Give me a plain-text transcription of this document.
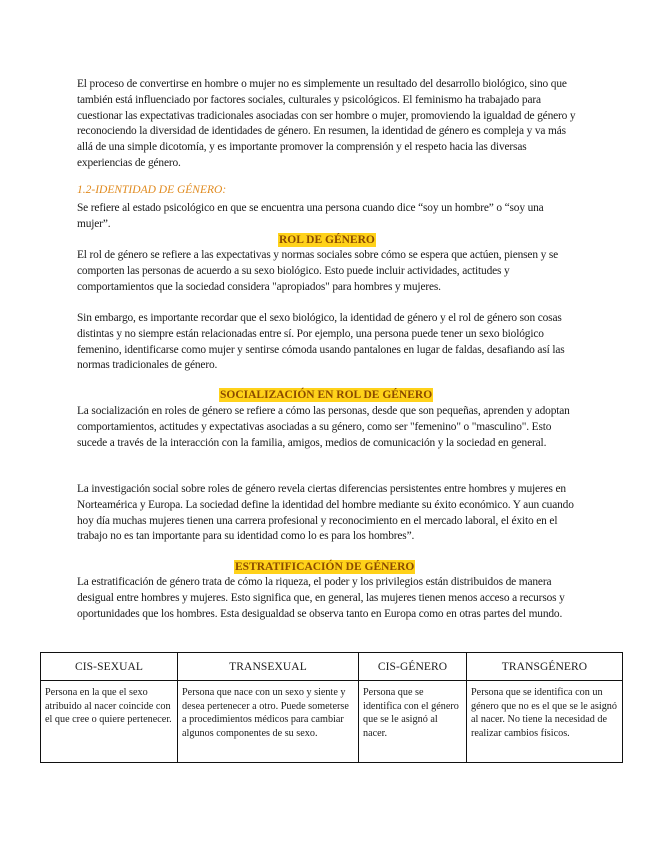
El proceso de convertirse en hombre o mujer no es simplemente un resultado del desarrollo biológico, sino que también está influenciado por factores sociales, culturales y psicológicos. El feminismo ha trabajado para cuestionar las expectativas tradicionales asociadas con ser hombre o mujer, promoviendo la igualdad de género y reconociendo la diversidad de identidades de género. En resumen, la identidad de género es compleja y va más allá de una simple dicotomía, y es importante promover la comprensión y el respeto hacia las diversas experiencias de género.

1.2-IDENTIDAD DE GÉNERO:

Se refiere al estado psicológico en que se encuentra una persona cuando dice “soy un hombre” o “soy una mujer”.

ROL DE GÉNERO

El rol de género se refiere a las expectativas y normas sociales sobre cómo se espera que actúen, piensen y se comporten las personas de acuerdo a su sexo biológico. Esto puede incluir actividades, actitudes y comportamientos que la sociedad considera "apropiados" para hombres y mujeres.

Sin embargo, es importante recordar que el sexo biológico, la identidad de género y el rol de género son cosas distintas y no siempre están relacionadas entre sí. Por ejemplo, una persona puede tener un sexo biológico femenino, identificarse como mujer y sentirse cómoda usando pantalones en lugar de faldas, desafiando así las normas tradicionales de género.

SOCIALIZACIÓN EN ROL DE GÉNERO

La socialización en roles de género se refiere a cómo las personas, desde que son pequeñas, aprenden y adoptan comportamientos, actitudes y expectativas asociadas a su género, como ser "femenino" o "masculino". Esto sucede a través de la interacción con la familia, amigos, medios de comunicación y la sociedad en general.

La investigación social sobre roles de género revela ciertas diferencias persistentes entre hombres y mujeres en Norteamérica y Europa. La sociedad define la identidad del hombre mediante su éxito económico. Y aun cuando hoy día muchas mujeres tienen una carrera profesional y reconocimiento en el mercado laboral, el éxito en el trabajo no es tan importante para su identidad como lo es para los hombres”.

ESTRATIFICACIÓN DE GÉNERO

La estratificación de género trata de cómo la riqueza, el poder y los privilegios están distribuidos de manera desigual entre hombres y mujeres. Esto significa que, en general, las mujeres tienen menos acceso a recursos y oportunidades que los hombres. Esta desigualdad se observa tanto en Europa como en otras partes del mundo.

CIS-SEXUAL	TRANSEXUAL	CIS-GÉNERO	TRANSGÉNERO
Persona en la que el sexo atribuido al nacer coincide con el que cree o quiere pertenecer.	Persona que nace con un sexo y siente y desea pertenecer a otro. Puede someterse a procedimientos médicos para cambiar algunos componentes de su sexo.	Persona que se identifica con el género que se le asignó al nacer.	Persona que se identifica con un género que no es el que se le asignó al nacer. No tiene la necesidad de realizar cambios físicos.
